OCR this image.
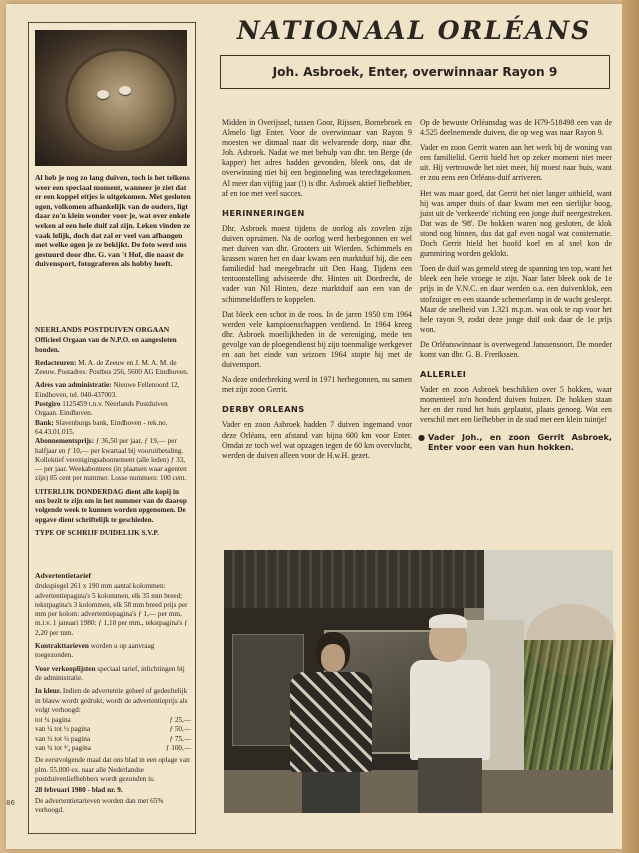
Al heb je nog zo lang duiven, toch is het telkens weer een speciaal moment, wanneer je ziet dat er een koppel eitjes is uitgekomen. Met gesloten ogen, volkomen afhankelijk van de ouders, ligt daar zo'n klein wonder voor je, wat over enkele weken al een hele duif zal zijn. Leken vinden ze vaak lelijk, doch dat zal er veel van afhangen met welke ogen je ze bekijkt. De foto werd ons gestuurd door dhr. G. van 't Hof, die naast de duivensport, fotograferen als hobby heeft.
NEERLANDS POSTDUIVEN ORGAAN

Officieel Orgaan van de N.P.O. en aangesloten bonden.

Redacteuren: M. A. de Zeeuw en J. M. A. M. de Zeeuw. Postadres: Postbus 256, 5600 AG Eindhoven.

Adres van administratie: Nieuwe Fellenoord 12, Eindhoven, tel. 040-437003.

Postgiro 1125459 t.n.v. Neerlands Postduiven Orgaan. Eindhoven.

Bank: Slavenburgs bank, Eindhoven - rek.no. 64.43.01.015.

Abonnementsprijs: ƒ 36,50 per jaar, ƒ 19,— per halfjaar en ƒ 10,— per kwartaal bij vooruitbetaling. Kollektief verenigingsabonnement (alle leden) ƒ 33,— per jaar. Weekabonnees (in plaatsen waar agenten zijn) 85 cent per nummer. Losse nummers: 100 cent.

UITERLIJK DONDERDAG dient alle kopij in ons bezit te zijn om in het nummer van de daarop volgende week te kunnen worden opgenomen. De opgave dient schriftelijk te geschieden.

TYPE OF SCHRIJF DUIDELIJK S.V.P.

Advertentietarief

drukspiegel 261 x 190 mm aantal kolommen: advertentiepagina's 5 kolommen, elk 35 mm breed; tekstpagina's 3 kolommen, elk 58 mm breed prijs per mm per kolom: advertentiepagina's ƒ 1,— per mm, m.i.v. 1 januari 1980: ƒ 1,10 per mm., tekstpagina's ƒ 2,20 per mm.

Kontrakttarieven worden u op aanvraag toegezonden.

Voor verkooplijsten speciaal tarief, inlichtingen bij de administratie.

In kleur. Indien de advertentie geheel of gedeeltelijk in blauw wordt gedrukt, wordt de advertentieprijs als volgt verhoogd:

tot ¼ pagina	ƒ 25,—
van ¼ tot ½ pagina	ƒ 50,—
van ½ tot ¾ pagina	ƒ 75,—
van ¾ tot ⁴⁄₄ pagina	ƒ 100,—

De eerstvolgende maal dat ons blad in een oplage van plm. 55.000 ex. naar alle Nederlandse postduivenliefhebbers wordt gezonden is:

28 februari 1980 - blad nr. 9.

De advertentietarieven worden dan met 65% verhoogd.

NATIONAAL ORLÉANS
Joh. Asbroek, Enter, overwinnaar Rayon 9

Midden in Overijssel, tussen Goor, Rijssen, Bornebroek en Almelo ligt Enter. Voor de overwinnaar van Rayon 9 moesten we ditmaal naar dit welvarende dorp, naar dhr. Joh. Asbroek. Nadat we met behulp van dhr. ten Berge (de kapper) het adres hadden gevonden, bleek ons, dat de overwinning niet bij een beginneling was terechtgekomen. Al meer dan vijftig jaar (!) is dhr. Asbroek aktief liefhebber, af en toe met veel succes.

HERINNERINGEN

Dhr. Asbroek moest tijdens de oorlog als zovelen zijn duiven opruimen. Na de oorlog werd herbegonnen en wel met duiven van dhr. Grooters uit Wierden. Schimmels en krassen waren het en daar kwam een marktduif bij, die een familiedid had meegebracht uit Den Haag. Tijdens een tentoonstelling adviseerde dhr. Hinten uit Dordrecht, de vader van Nil Hinten, deze marktduif aan een van de schimmeldoffers te koppelen.

Dat bleek een schot in de roos. In de jaren 1950 t/m 1964 werden vele kampioenschappen verdiend. In 1964 kreeg dhr. Asbroek moeilijkheden in de vereniging, mede ten gevolge van de ploegendienst bij zijn toenmalige werkgever en aan het einde van seizoen 1964 stopte hij met de duivensport.

Na deze onderbreking werd in 1971 herbegonnen, nu samen met zijn zoon Gerrit.

DERBY ORLEANS

Vader en zoon Asbroek hadden 7 duiven ingemand voor deze Orléans, een afstand van bijna 600 km voor Enter. Omdat ze toch wel wat opzagen tegen de 60 km overvlucht, werden de duiven alleen voor de H.w.H. gezet.

Op de bewuste Orléansdag was de H79-518498 een van de 4.525 deelnemende duiven, die op weg was naar Rayon 9.

Vader en zoon Gerrit waren aan het werk bij de woning van een familielid. Gerrit hield het op zeker moment niet meer uit. Hij vertrouwde het niet meer, hij moest naar huis, want er zou eens een Orléans-duif arriveren.

Het was maar goed, dat Gerrit het niet langer uithield, want hij was amper thuis of daar kwam met een sierlijke boog, juist uit de 'verkeerde' richting een jonge duif neergestreken. Dat was de '98'. De hokken waren nog gesloten, de klok stond nog binnen, dus dat gaf even nogal wat consternatie. Doch Gerrit hield het hoofd koel en al snel kon de gummiring worden geklokt.

Toen de duif was gemeld steeg de spanning ten top, want het bleek een hele vroege te zijn. Naar later bleek ook de 1e prijs in de V.N.C. en daar werden o.a. een duivenklok, een stofzuiger en een staande schemerlamp in de wacht gesleept. Maar de snelheid van 1.321 m.p.m. was ook te rap voor het hele rayon 9, zodat deze jonge duif ook daar de 1e prijs won.

De Orléanswinnaar is overwegend Janssensoort. De moeder komt van dhr. G. B. Frerikssen.

ALLERLEI

Vader en zoon Asbroek beschikken over 5 hokken, waar momenteel zo'n honderd duiven huizen. De hokken staan her en der rond het huis geplaatst, plaats genoeg. Wat een verschil met een liefhebber in de stad met een klein tuintje!

● Vader Joh., en zoon Gerrit Asbroek, Enter voor een van hun hokken.
86
